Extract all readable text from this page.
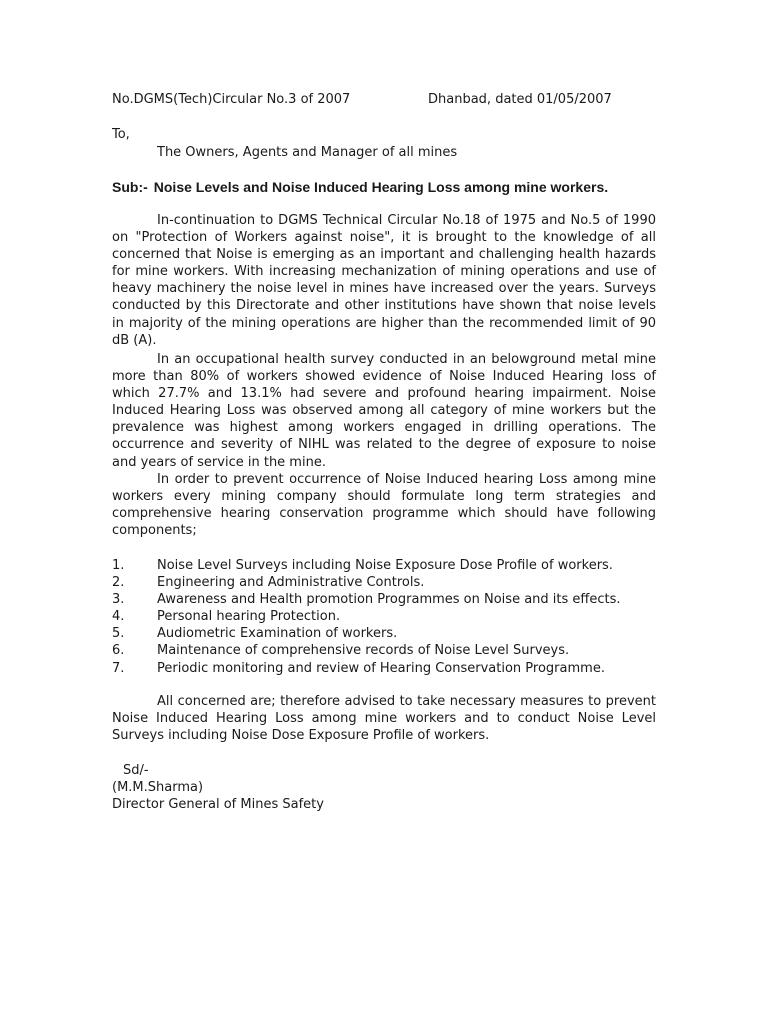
No.DGMS(Tech)Circular No.3 of 2007	Dhanbad, dated 01/05/2007
To,
The Owners, Agents and Manager of all mines
Sub:- Noise Levels and Noise Induced Hearing Loss among mine workers.

In-continuation to DGMS Technical Circular No.18 of 1975 and No.5 of 1990 on "Protection of Workers against noise", it is brought to the knowledge of all concerned that Noise is emerging as an important and challenging health hazards for mine workers. With increasing mechanization of mining operations and use of heavy machinery the noise level in mines have increased over the years. Surveys conducted by this Directorate and other institutions have shown that noise levels in majority of the mining operations are higher than the recommended limit of 90 dB (A).

In an occupational health survey conducted in an belowground metal mine more than 80% of workers showed evidence of Noise Induced Hearing loss of which 27.7% and 13.1% had severe and profound hearing impairment. Noise Induced Hearing Loss was observed among all category of mine workers but the prevalence was highest among workers engaged in drilling operations. The occurrence and severity of NIHL was related to the degree of exposure to noise and years of service in the mine.

In order to prevent occurrence of Noise Induced hearing Loss among mine workers every mining company should formulate long term strategies and comprehensive hearing conservation programme which should have following components;

1.	Noise Level Surveys including Noise Exposure Dose Profile of workers.
2.	Engineering and Administrative Controls.
3.	Awareness and Health promotion Programmes on Noise and its effects.
4.	Personal hearing Protection.
5.	Audiometric Examination of workers.
6.	Maintenance of comprehensive records of Noise Level Surveys.
7.	Periodic monitoring and review of Hearing Conservation Programme.

All concerned are; therefore advised to take necessary measures to prevent Noise Induced Hearing Loss among mine workers and to conduct Noise Level Surveys including Noise Dose Exposure Profile of workers.

Sd/-
(M.M.Sharma)
Director General of Mines Safety
